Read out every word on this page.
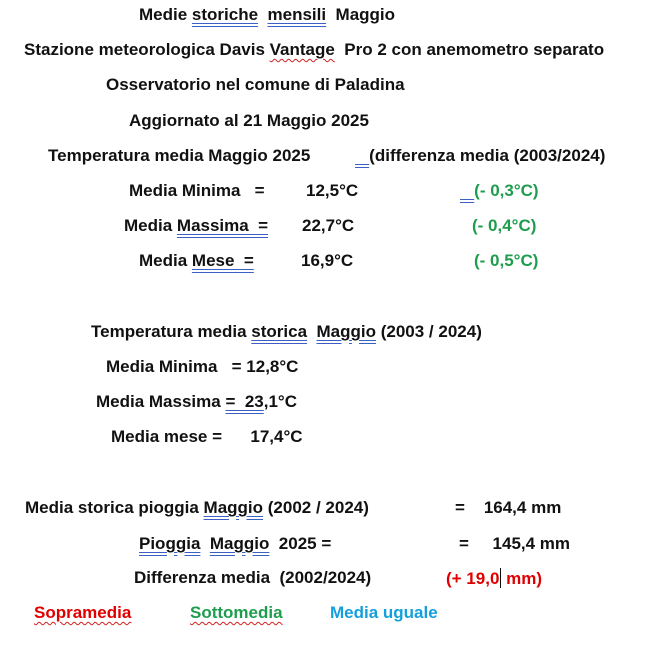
Medie storiche mensili  Maggio
Stazione meteorologica Davis Vantage  Pro 2 con anemometro separato
Osservatorio nel comune di Paladina
Aggiornato al 21 Maggio 2025
Temperatura media Maggio 2025	(differenza media (2003/2024)
Media Minima   = 12,5°C	(- 0,3°C)
Media Massima  = 22,7°C	(- 0,4°C)
Media Mese  =	16,9°C	(- 0,5°C)
Temperatura media storica Maggio (2003 / 2024)
Media Minima   = 12,8°C
Media Massima =  23,1°C
Media mese =      17,4°C
Media storica pioggia Maggio (2002 / 2024)	=    164,4 mm
Pioggia Maggio  2025 =	=     145,4 mm
Differenza media  (2002/2024)	(+ 19,0 mm)
Sopramedia	Sottomedia	Media uguale
